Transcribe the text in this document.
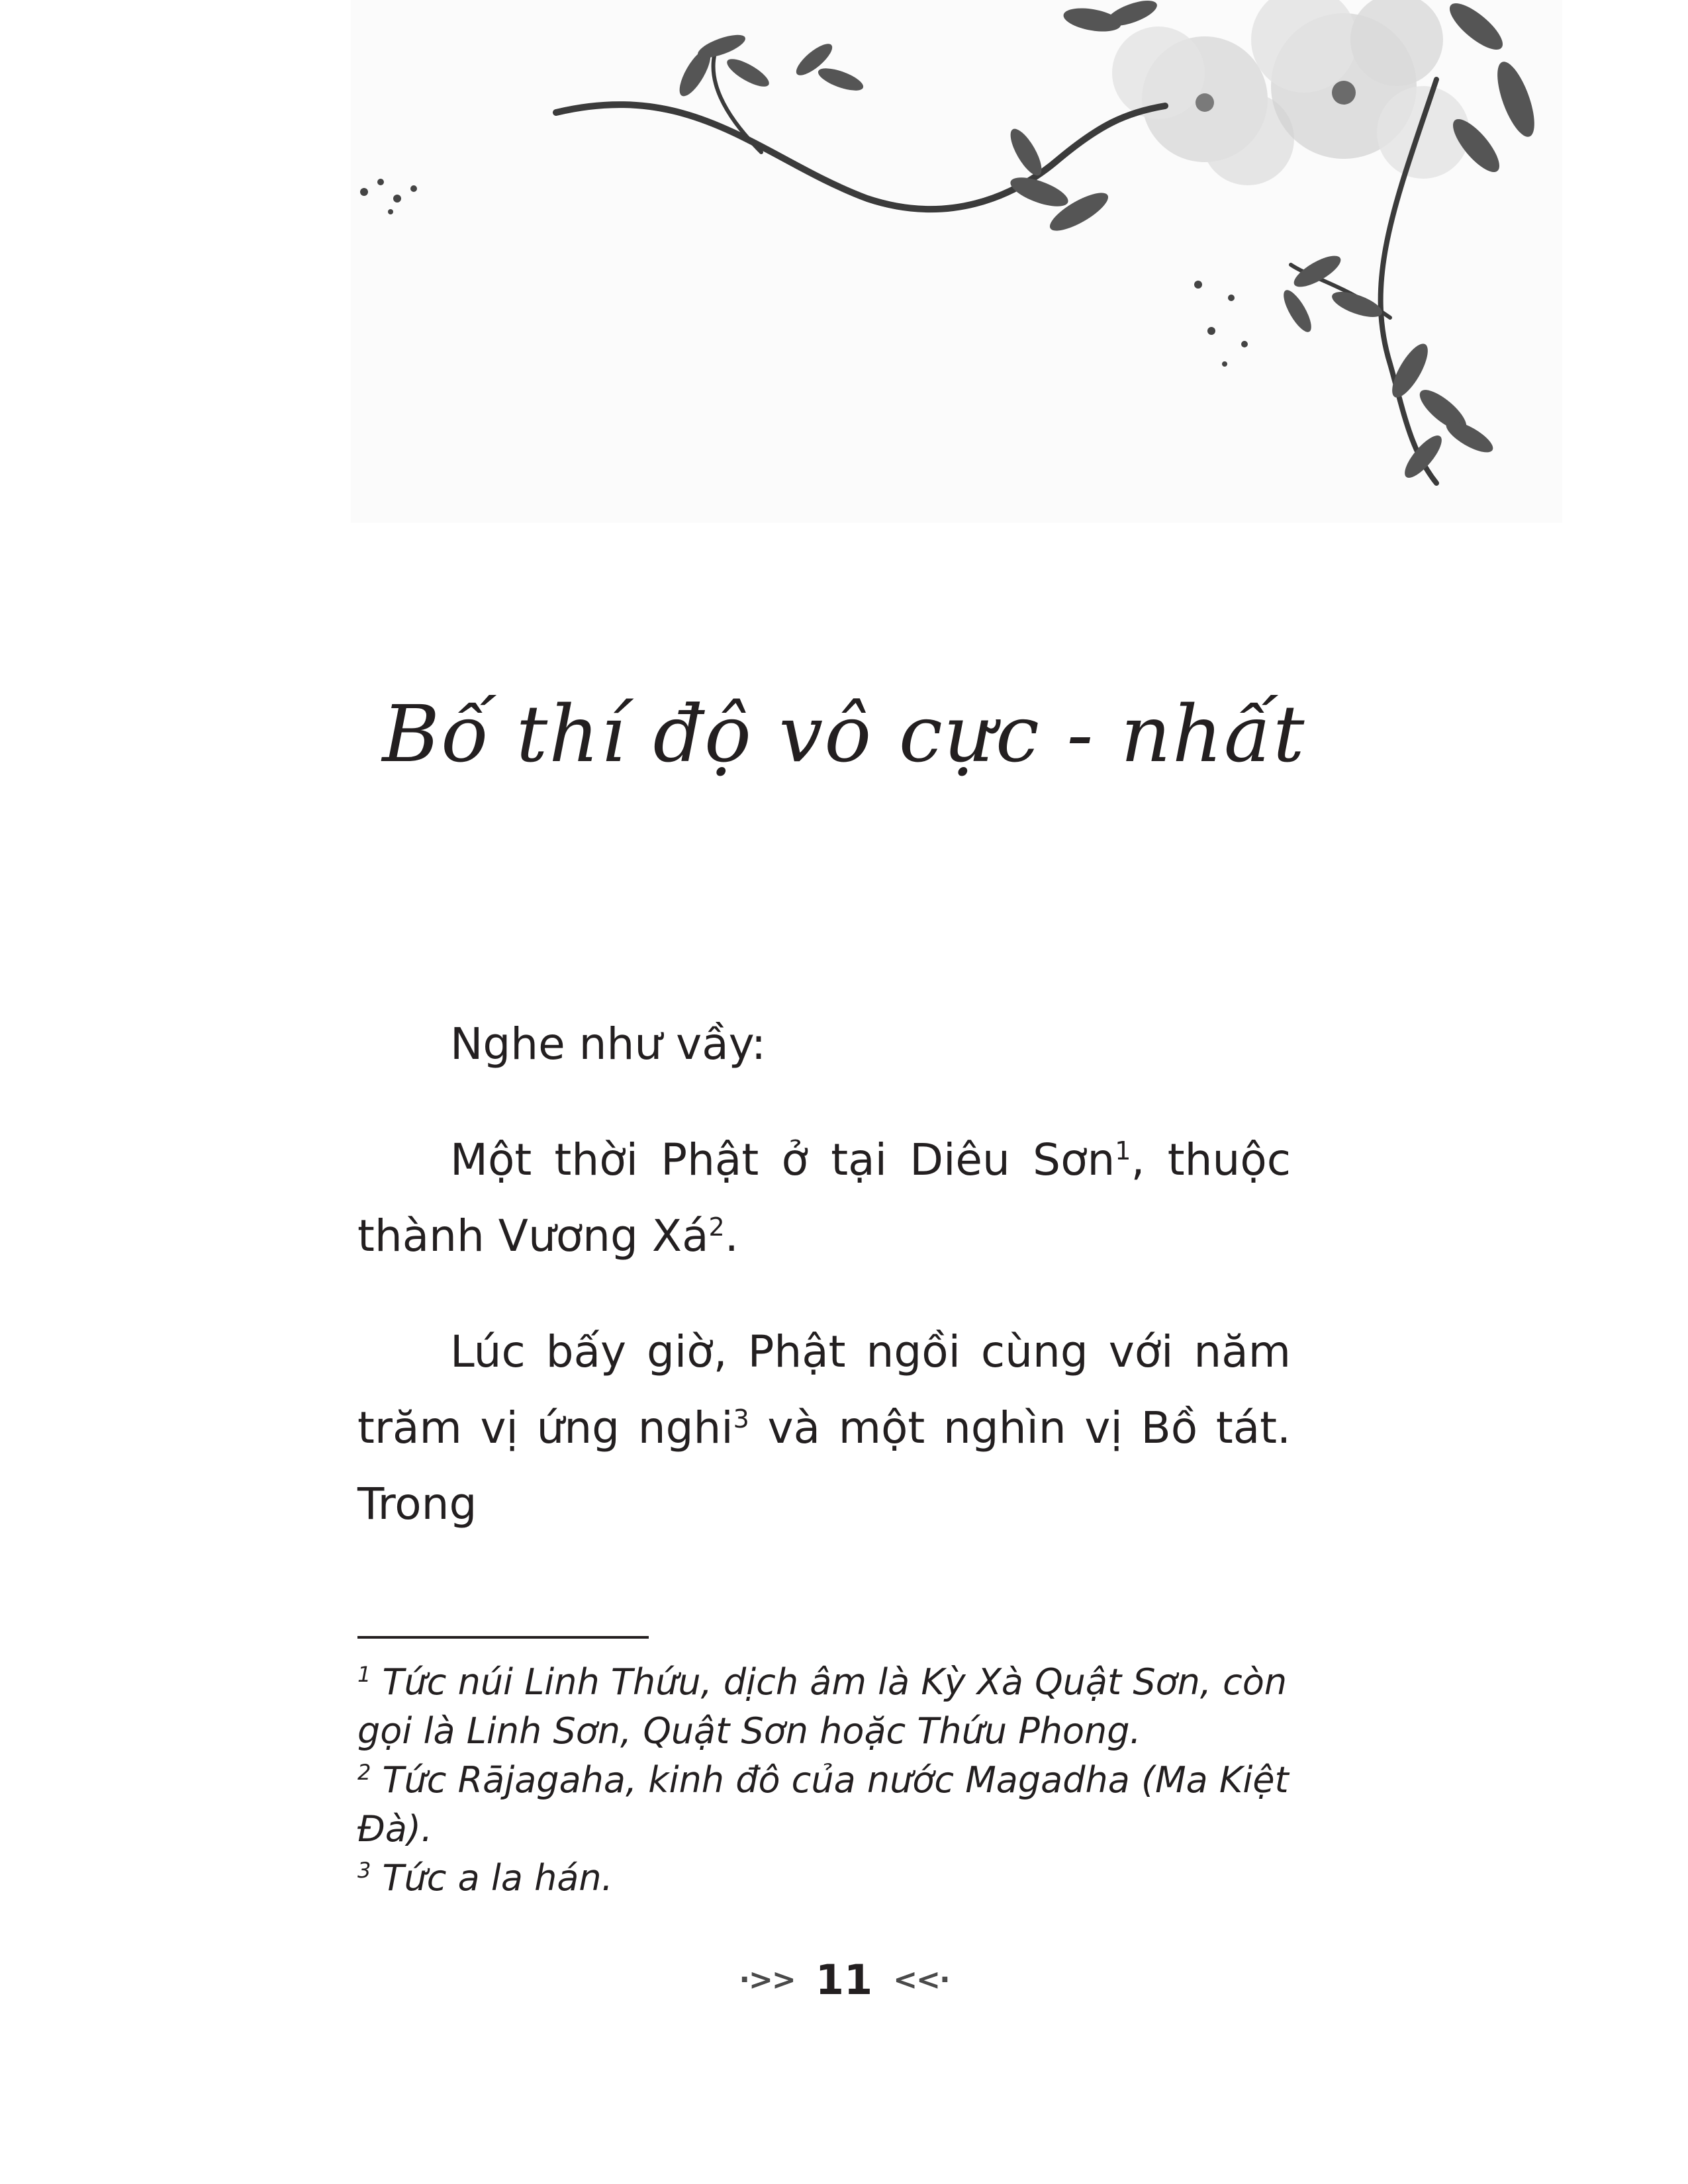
Bố thí độ vô cực - nhất

Nghe như vầy:

Một thời Phật ở tại Diêu Sơn$^1$, thuộc thành Vương $Xá^2$.

Lúc bấy giờ, Phật ngồi cùng với năm trăm vị ứng nghi$^3$ và một nghìn vị Bồ tát. Trong

$^1$ Tức núi Linh Thứu, dịch âm là Kỳ Xà Quật Sơn, còn gọi là Linh Sơn, Quật Sơn hoặc Thứu Phong.

$^2$ Tức Rājagaha, kinh đô của nước Magadha (Ma Kiệt Đà).

$^3$ Tức a la hán.

·>> 11 <<·
